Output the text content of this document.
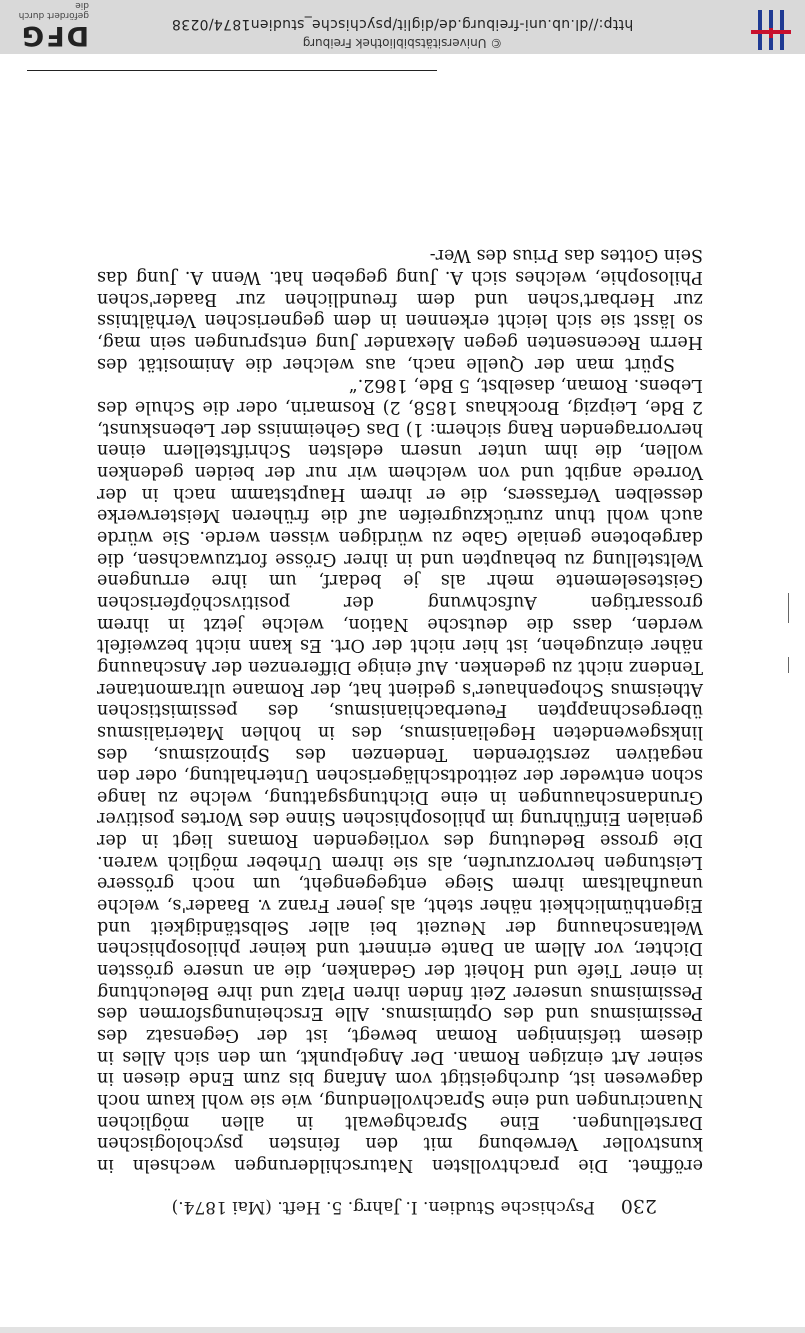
230
Psychische Studien. I. Jahrg. 5. Heft. (Mai 1874.)

eröffnet. Die prachtvollsten Naturschilderungen wechseln in kunstvoller Verwebung mit den feinsten psychologischen Darstellungen. Eine Sprachgewalt in allen möglichen Nuancirungen und eine Sprachvollendung, wie sie wohl kaum noch dagewesen ist, durchgeistigt vom Anfang bis zum Ende diesen in seiner Art einzigen Roman. Der Angelpunkt, um den sich Alles in diesem tiefsinnigen Roman bewegt, ist der Gegensatz des Pessimismus und des Optimismus. Alle Erscheinungsformen des Pessimismus unserer Zeit finden ihren Platz und ihre Beleuchtung in einer Tiefe und Hoheit der Gedanken, die an unsere grössten Dichter, vor Allem an Dante erinnert und keiner philosophischen Weltanschauung der Neuzeit bei aller Selbständigkeit und Eigenthümlichkeit näher steht, als jener Franz v. Baader's, welche unaufhaltsam ihrem Siege entgegengeht, um noch grössere Leistungen hervorzurufen, als sie ihrem Urheber möglich waren. Die grosse Bedeutung des vorliegenden Romans liegt in der genialen Einführung im philosophischen Sinne des Wortes positiver Grundanschauungen in eine Dichtungsgattung, welche zu lange schon entweder der zeittodtschlägerischen Unterhaltung, oder den negativen zerstörenden Tendenzen des Spinozismus, des linksgewendeten Hegelianismus, des in hohlen Materialismus übergeschnappten Feuerbachianismus, des pessimistischen Atheismus Schopenhauer's gedient hat, der Romane ultramontaner Tendenz nicht zu gedenken. Auf einige Differenzen der Anschauung näher einzugehen, ist hier nicht der Ort. Es kann nicht bezweifelt werden, dass die deutsche Nation, welche jetzt in ihrem grossartigen Aufschwung der positivschöpferischen Geisteselemente mehr als je bedarf, um ihre errungene Weltstellung zu behaupten und in ihrer Grösse fortzuwachsen, die dargebotene geniale Gabe zu würdigen wissen werde. Sie würde auch wohl thun zurückzugreifen auf die früheren Meisterwerke desselben Verfassers, die er ihrem Hauptstamm nach in der Vorrede angibt und von welchem wir nur der beiden gedenken wollen, die ihm unter unsern edelsten Schriftstellern einen hervorragenden Rang sichern: 1) Das Geheimniss der Lebenskunst, 2 Bde, Leipzig, Brockhaus 1858, 2) Rosmarin, oder die Schule des Lebens. Roman, daselbst, 5 Bde, 1862.“

Spürt man der Quelle nach, aus welcher die Animosität des Herrn Recensenten gegen Alexander Jung entsprungen sein mag, so lässt sie sich leicht erkennen in dem gegnerischen Verhältniss zur Herbart'schen und dem freundlichen zur Baader'schen Philosophie, welches sich A. Jung gegeben hat. Wenn A. Jung das Sein Gottes das Prius des Wer-

© Universitätsbibliothek Freiburg
http://dl.ub.uni-freiburg.de/diglit/psychische_studien1874/0238
DFG
gefördert durch die
